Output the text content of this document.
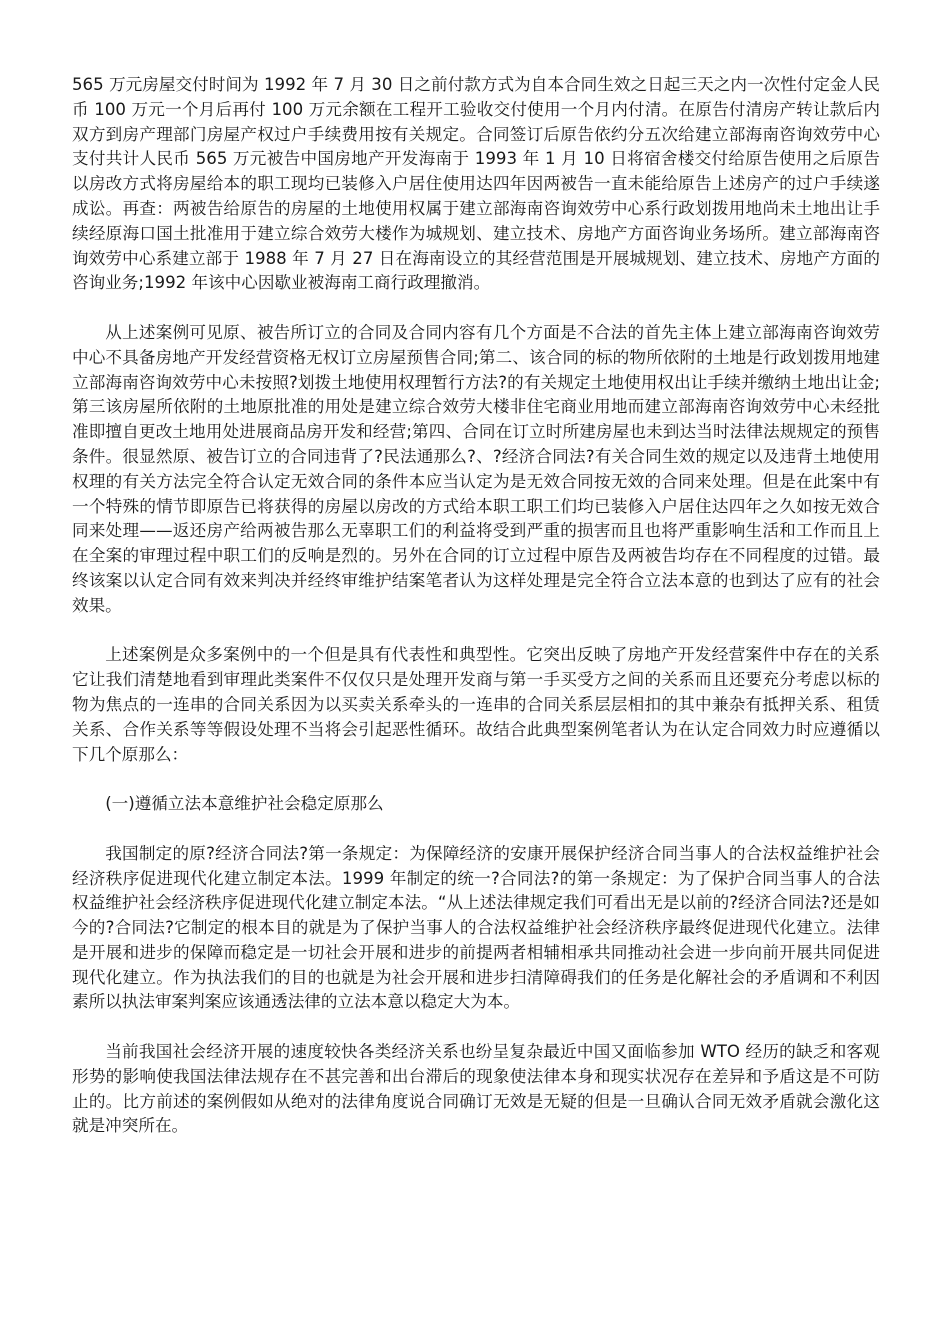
565 万元房屋交付时间为 1992 年 7 月 30 日之前付款方式为自本合同生效之日起三天之内一次性付定金人民币 100 万元一个月后再付 100 万元余额在工程开工验收交付使用一个月内付清。在原告付清房产转让款后内双方到房产理部门房屋产权过户手续费用按有关规定。合同签订后原告依约分五次给建立部海南咨询效劳中心支付共计人民币 565 万元被告中国房地产开发海南于 1993 年 1 月 10 日将宿舍楼交付给原告使用之后原告以房改方式将房屋给本的职工现均已装修入户居住使用达四年因两被告一直未能给原告上述房产的过户手续遂成讼。再查：两被告给原告的房屋的土地使用权属于建立部海南咨询效劳中心系行政划拨用地尚未土地出让手续经原海口国土批准用于建立综合效劳大楼作为城规划、建立技术、房地产方面咨询业务场所。建立部海南咨询效劳中心系建立部于 1988 年 7 月 27 日在海南设立的其经营范围是开展城规划、建立技术、房地产方面的咨询业务;1992 年该中心因歇业被海南工商行政理撤消。

从上述案例可见原、被告所订立的合同及合同内容有几个方面是不合法的首先主体上建立部海南咨询效劳中心不具备房地产开发经营资格无权订立房屋预售合同;第二、该合同的标的物所依附的土地是行政划拨用地建立部海南咨询效劳中心未按照?划拨土地使用权理暂行方法?的有关规定土地使用权出让手续并缴纳土地出让金;第三该房屋所依附的土地原批准的用处是建立综合效劳大楼非住宅商业用地而建立部海南咨询效劳中心未经批准即擅自更改土地用处进展商品房开发和经营;第四、合同在订立时所建房屋也未到达当时法律法规规定的预售条件。很显然原、被告订立的合同违背了?民法通那么?、?经济合同法?有关合同生效的规定以及违背土地使用权理的有关方法完全符合认定无效合同的条件本应当认定为是无效合同按无效的合同来处理。但是在此案中有一个特殊的情节即原告已将获得的房屋以房改的方式给本职工职工们均已装修入户居住达四年之久如按无效合同来处理——返还房产给两被告那么无辜职工们的利益将受到严重的损害而且也将严重影响生活和工作而且上在全案的审理过程中职工们的反响是烈的。另外在合同的订立过程中原告及两被告均存在不同程度的过错。最终该案以认定合同有效来判决并经终审维护结案笔者认为这样处理是完全符合立法本意的也到达了应有的社会效果。

上述案例是众多案例中的一个但是具有代表性和典型性。它突出反映了房地产开发经营案件中存在的关系它让我们清楚地看到审理此类案件不仅仅只是处理开发商与第一手买受方之间的关系而且还要充分考虑以标的物为焦点的一连串的合同关系因为以买卖关系牵头的一连串的合同关系层层相扣的其中兼杂有抵押关系、租赁关系、合作关系等等假设处理不当将会引起恶性循环。故结合此典型案例笔者认为在认定合同效力时应遵循以下几个原那么：

(一)遵循立法本意维护社会稳定原那么

我国制定的原?经济合同法?第一条规定：为保障经济的安康开展保护经济合同当事人的合法权益维护社会经济秩序促进现代化建立制定本法。1999 年制定的统一?合同法?的第一条规定：为了保护合同当事人的合法权益维护社会经济秩序促进现代化建立制定本法。“从上述法律规定我们可看出无是以前的?经济合同法?还是如今的?合同法?它制定的根本目的就是为了保护当事人的合法权益维护社会经济秩序最终促进现代化建立。法律是开展和进步的保障而稳定是一切社会开展和进步的前提两者相辅相承共同推动社会进一步向前开展共同促进现代化建立。作为执法我们的目的也就是为社会开展和进步扫清障碍我们的任务是化解社会的矛盾调和不利因素所以执法审案判案应该通透法律的立法本意以稳定大为本。

当前我国社会经济开展的速度较快各类经济关系也纷呈复杂最近中国又面临参加 WTO 经历的缺乏和客观形势的影响使我国法律法规存在不甚完善和出台滞后的现象使法律本身和现实状况存在差异和予盾这是不可防止的。比方前述的案例假如从绝对的法律角度说合同确订无效是无疑的但是一旦确认合同无效矛盾就会激化这就是冲突所在。
